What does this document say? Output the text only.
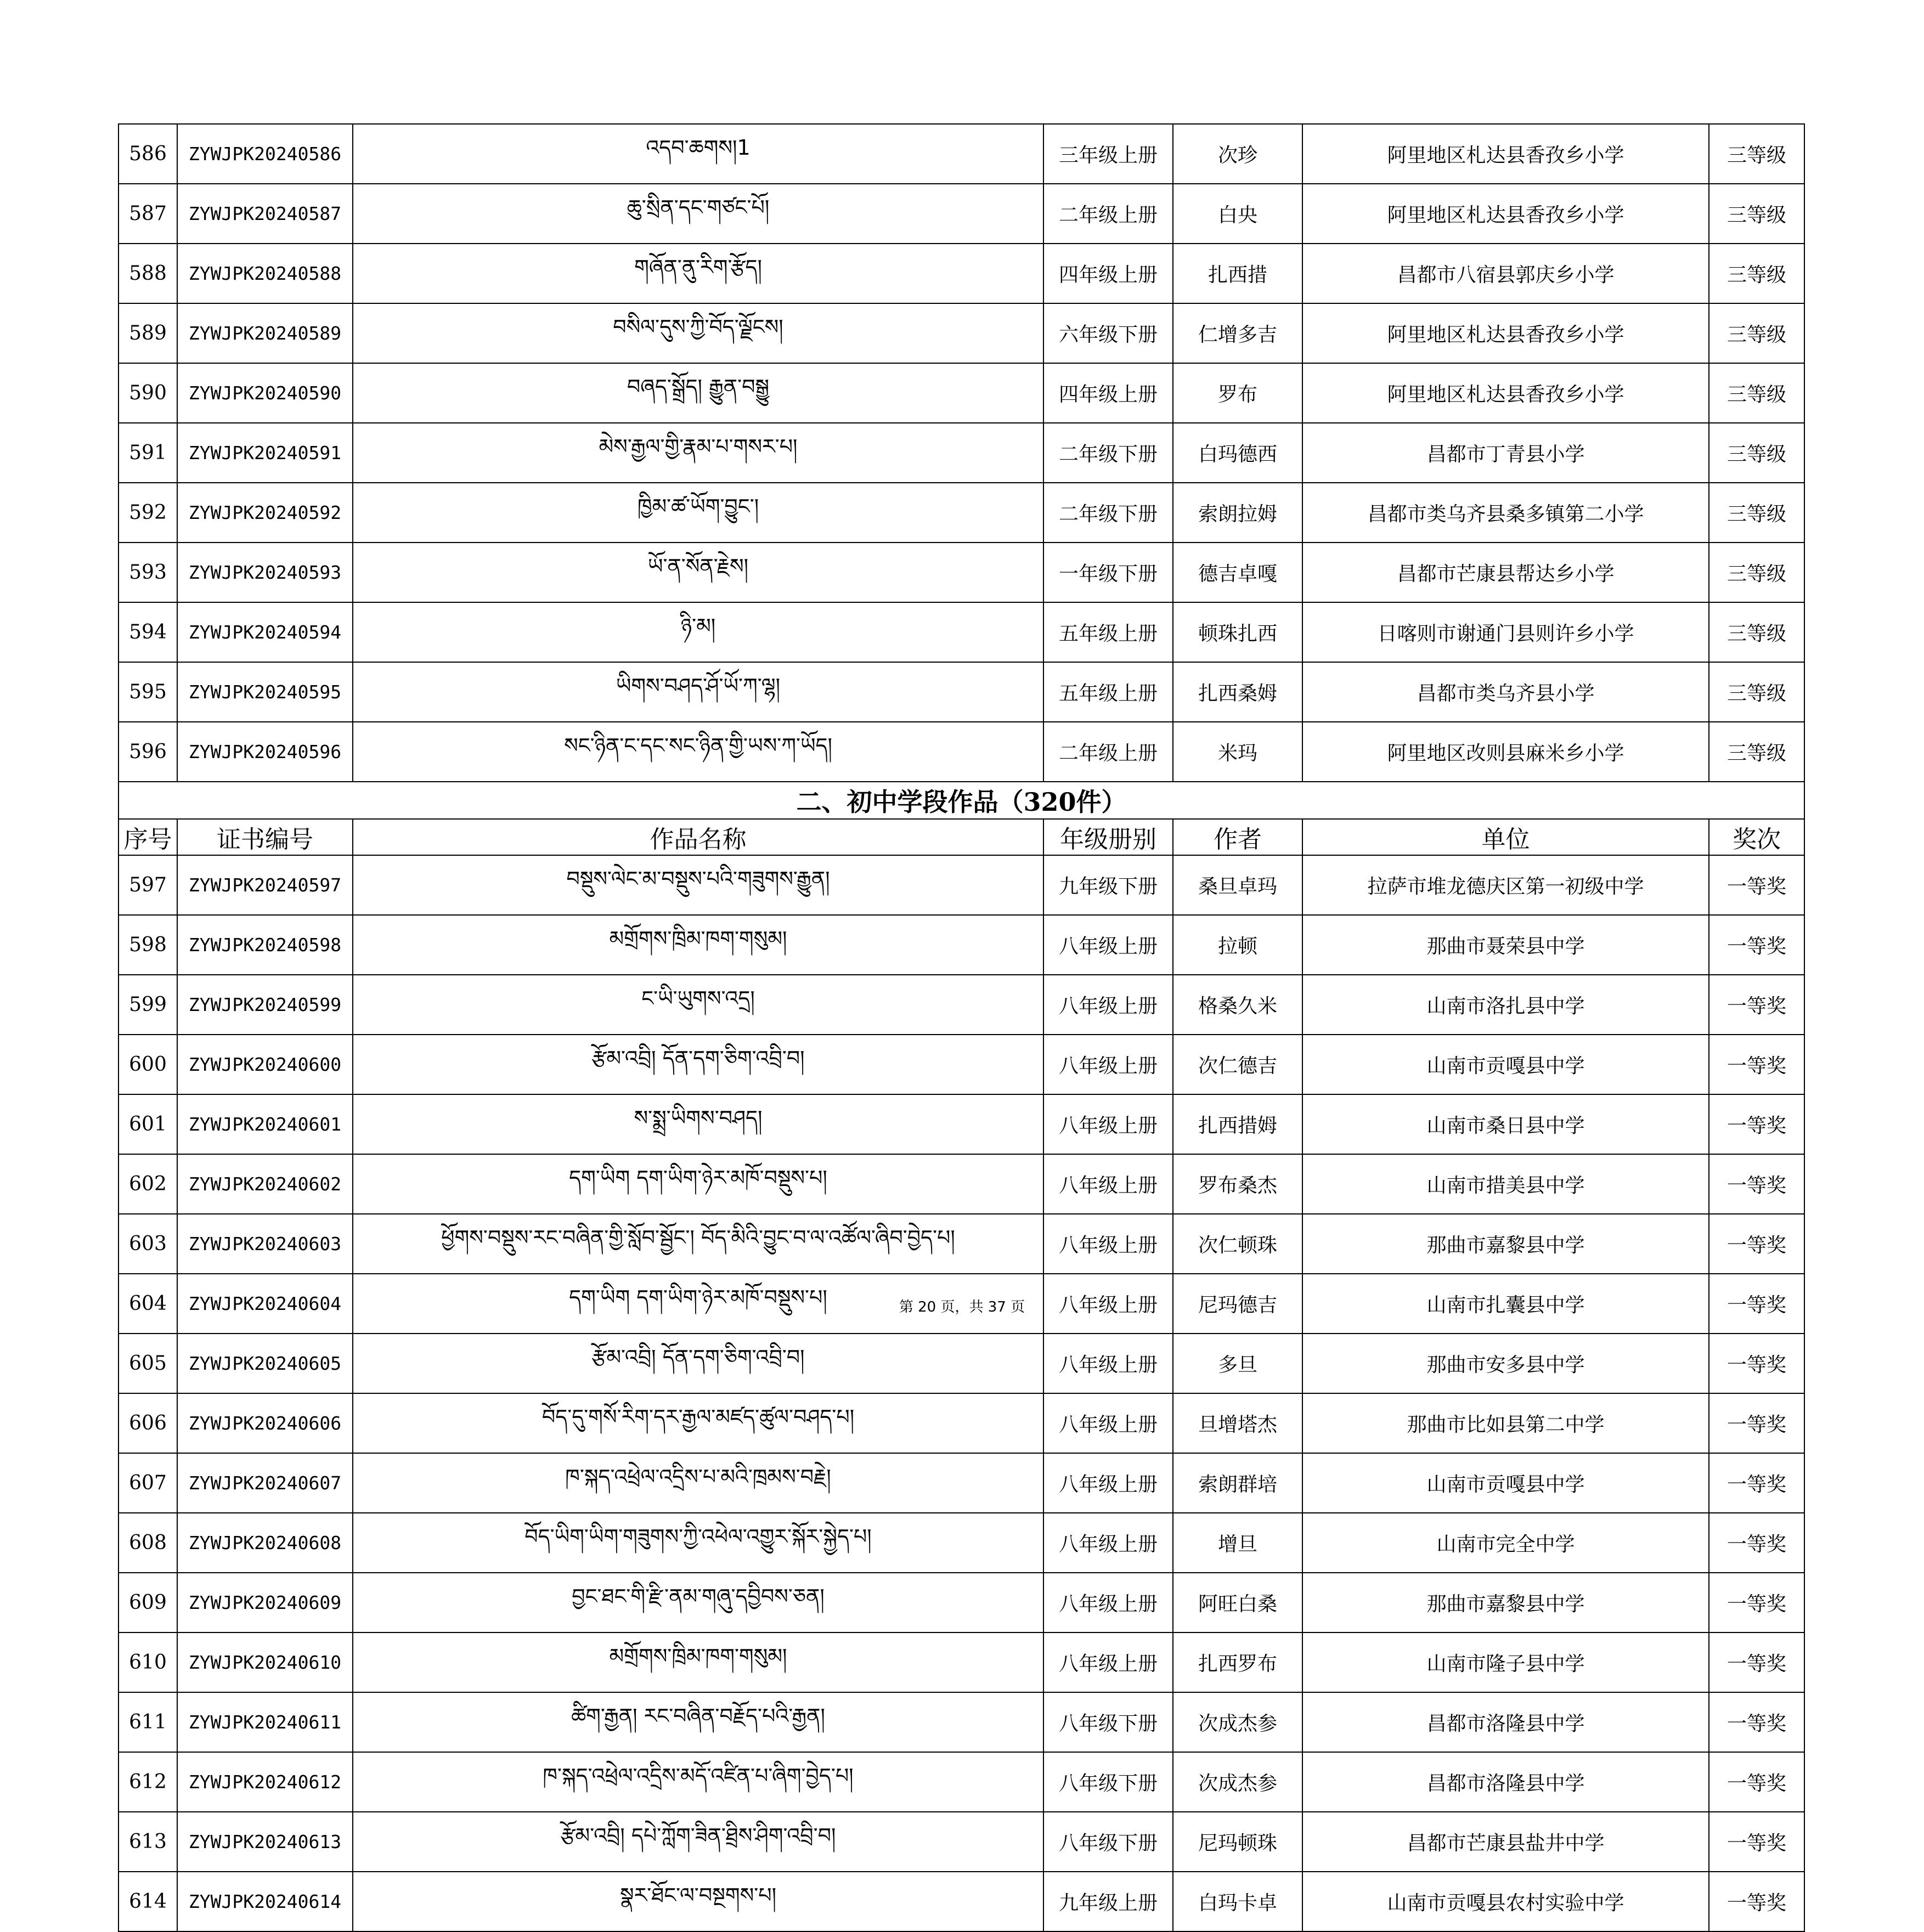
586	ZYWJPK20240586	འདབ་ཆགས།1	三年级上册	次珍	阿里地区札达县香孜乡小学	三等级
587	ZYWJPK20240587	ཆུ་སྲིན་དང་གཙང་པོ།	二年级上册	白央	阿里地区札达县香孜乡小学	三等级
588	ZYWJPK20240588	གཞོན་ནུ་རིག་རྩོད།	四年级上册	扎西措	昌都市八宿县郭庆乡小学	三等级
589	ZYWJPK20240589	བསིལ་དུས་ཀྱི་བོད་ལྗོངས།	六年级下册	仁增多吉	阿里地区札达县香孜乡小学	三等级
590	ZYWJPK20240590	བཞད་སྒྲོད། རྒྱུན་བསྒྱུ	四年级上册	罗布	阿里地区札达县香孜乡小学	三等级
591	ZYWJPK20240591	མེས་རྒྱལ་གྱི་རྣམ་པ་གསར་པ།	二年级下册	白玛德西	昌都市丁青县小学	三等级
592	ZYWJPK20240592	ཁྱིམ་ཚ་ཡོག་བྱུང་།	二年级下册	索朗拉姆	昌都市类乌齐县桑多镇第二小学	三等级
593	ZYWJPK20240593	ཡོ་ན་སོན་རྗེས།	一年级下册	德吉卓嘎	昌都市芒康县帮达乡小学	三等级
594	ZYWJPK20240594	ཉི་མ།	五年级上册	顿珠扎西	日喀则市谢通门县则许乡小学	三等级
595	ZYWJPK20240595	ཡིགས་བཤད་ཤོ་ཡོ་ཀ་ལྷ།	五年级上册	扎西桑姆	昌都市类乌齐县小学	三等级
596	ZYWJPK20240596	སང་ཉིན་ང་དང་སང་ཉིན་གྱི་ཡས་ཀ་ཡོད།	二年级上册	米玛	阿里地区改则县麻米乡小学	三等级
二、初中学段作品（320件）						
序号	证书编号	作品名称	年级册别	作者	单位	奖次
597	ZYWJPK20240597	བསྡུས་ལེང་མ་བསྡུས་པའི་གཟུགས་རྒྱུན།	九年级下册	桑旦卓玛	拉萨市堆龙德庆区第一初级中学	一等奖
598	ZYWJPK20240598	མགྲོགས་ཁྲིམ་ཁག་གསུམ།	八年级上册	拉顿	那曲市聂荣县中学	一等奖
599	ZYWJPK20240599	ང་ཡི་ཡུགས་འདྲ།	八年级上册	格桑久米	山南市洛扎县中学	一等奖
600	ZYWJPK20240600	རྩོམ་འབྲི། དོན་དག་ཅིག་འབྲི་བ།	八年级上册	次仁德吉	山南市贡嘎县中学	一等奖
601	ZYWJPK20240601	ས་སྨྲ་ཡིགས་བཤད།	八年级上册	扎西措姆	山南市桑日县中学	一等奖
602	ZYWJPK20240602	དག་ཡིག དག་ཡིག་ཉེར་མཁོ་བསྡུས་པ།	八年级上册	罗布桑杰	山南市措美县中学	一等奖
603	ZYWJPK20240603	ཕྱོགས་བསྡུས་རང་བཞིན་གྱི་སློབ་སྦྱོང་། བོད་མིའི་བྱུང་བ་ལ་འཚོལ་ཞིབ་བྱེད་པ།	八年级上册	次仁顿珠	那曲市嘉黎县中学	一等奖
604	ZYWJPK20240604	དག་ཡིག དག་ཡིག་ཉེར་མཁོ་བསྡུས་པ།	八年级上册	尼玛德吉	山南市扎囊县中学	一等奖
605	ZYWJPK20240605	རྩོམ་འབྲི། དོན་དག་ཅིག་འབྲི་བ།	八年级上册	多旦	那曲市安多县中学	一等奖
606	ZYWJPK20240606	བོད་དུ་གསོ་རིག་དར་རྒྱལ་མཛད་ཚུལ་བཤད་པ།	八年级上册	旦增塔杰	那曲市比如县第二中学	一等奖
607	ZYWJPK20240607	ཁ་སྐད་འཕྲེལ་འདྲིས་པ་མའི་ཁྲམས་བརྗེ།	八年级上册	索朗群培	山南市贡嘎县中学	一等奖
608	ZYWJPK20240608	བོད་ཡིག་ཡིག་གཟུགས་ཀྱི་འཕེལ་འགྱུར་སྐོར་སྐྱེད་པ།	八年级上册	增旦	山南市完全中学	一等奖
609	ZYWJPK20240609	བྱང་ཐང་གི་རྫི་ནམ་གཞུ་དབྱིབས་ཅན།	八年级上册	阿旺白桑	那曲市嘉黎县中学	一等奖
610	ZYWJPK20240610	མགྲོགས་ཁྲིམ་ཁག་གསུམ།	八年级上册	扎西罗布	山南市隆子县中学	一等奖
611	ZYWJPK20240611	ཚིག་རྒྱན། རང་བཞིན་བརྗོད་པའི་རྒྱན།	八年级下册	次成杰参	昌都市洛隆县中学	一等奖
612	ZYWJPK20240612	ཁ་སྐད་འཕྲེལ་འདྲིས་མདོ་འཛིན་པ་ཞིག་བྱེད་པ།	八年级下册	次成杰参	昌都市洛隆县中学	一等奖
613	ZYWJPK20240613	རྩོམ་འབྲི། དཔེ་ཀློག་ཟིན་ཐྲིས་ཤིག་འབྲི་བ།	八年级下册	尼玛顿珠	昌都市芒康县盐井中学	一等奖
614	ZYWJPK20240614	སྣར་ཐོང་ལ་བསྔགས་པ།	九年级上册	白玛卡卓	山南市贡嘎县农村实验中学	一等奖
第 20 页，共 37 页
